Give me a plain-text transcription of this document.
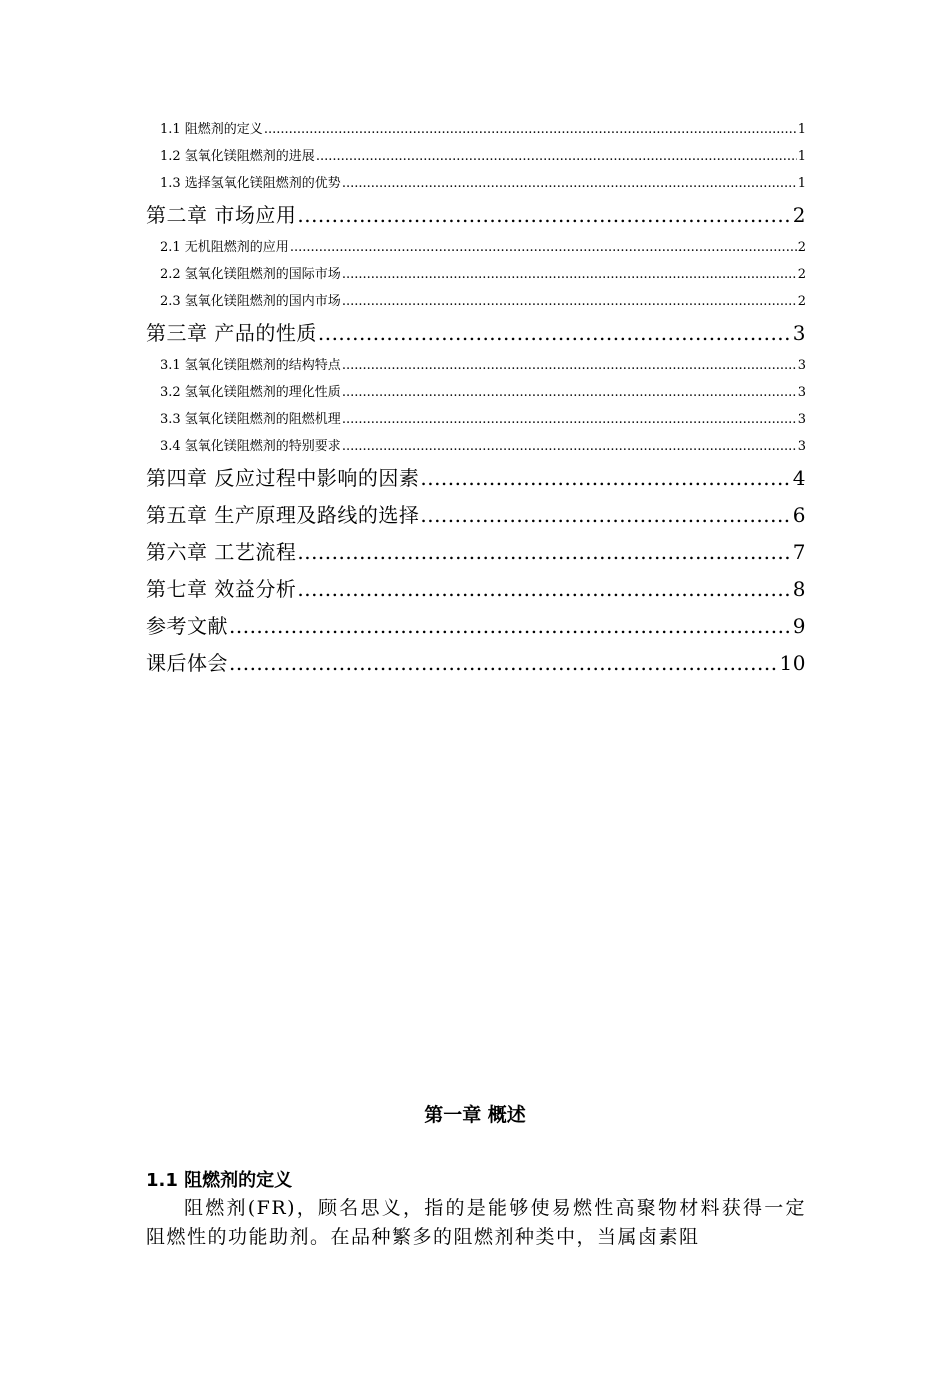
1.1 阻燃剂的定义 .....	1
1.2 氢氧化镁阻燃剂的进展 .....	1
1.3 选择氢氧化镁阻燃剂的优势 .....	1
第二章 市场应用 .....	2
2.1 无机阻燃剂的应用 .....	2
2.2 氢氧化镁阻燃剂的国际市场 .....	2
2.3 氢氧化镁阻燃剂的国内市场 .....	2
第三章 产品的性质 .....	3
3.1 氢氧化镁阻燃剂的结构特点 .....	3
3.2 氢氧化镁阻燃剂的理化性质 .....	3
3.3 氢氧化镁阻燃剂的阻燃机理 .....	3
3.4 氢氧化镁阻燃剂的特别要求 .....	3
第四章 反应过程中影响的因素 .....	4
第五章 生产原理及路线的选择 .....	6
第六章 工艺流程 .....	7
第七章 效益分析 .....	8
参考文献 .....	9
课后体会 .....	10
第一章 概述
1.1 阻燃剂的定义

阻燃剂(FR)，顾名思义，指的是能够使易燃性高聚物材料获得一定阻燃性的功能助剂。在品种繁多的阻燃剂种类中，当属卤素阻
